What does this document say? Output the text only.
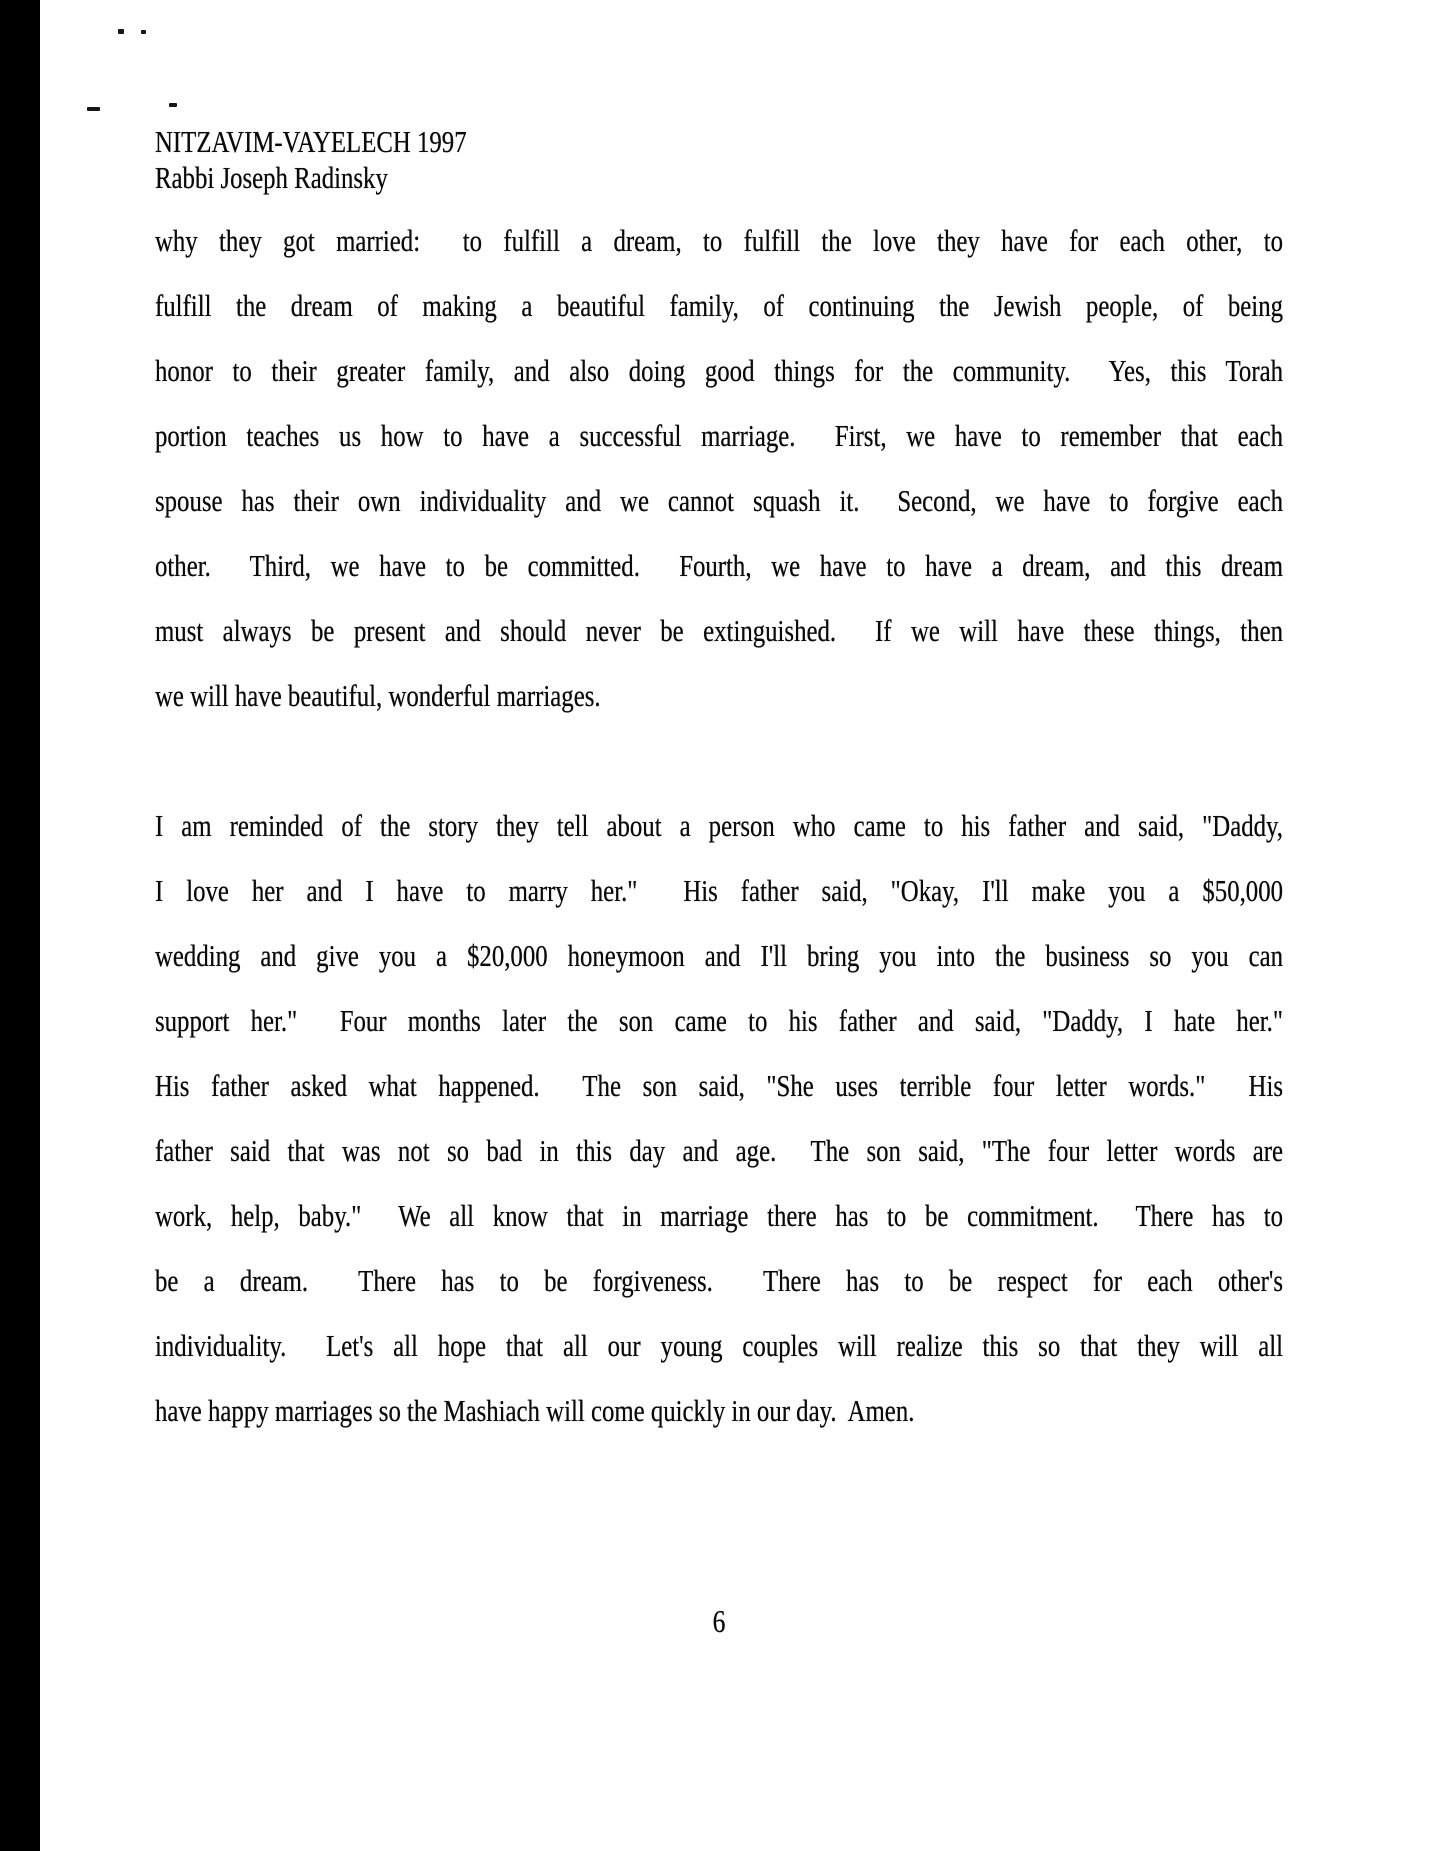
NITZAVIM-VAYELECH 1997
Rabbi Joseph Radinsky
why they got married:  to fulfill a dream, to fulfill the love they have for each other, to
fulfill the dream of making a beautiful family, of continuing the Jewish people, of being
honor to their greater family, and also doing good things for the community.  Yes, this Torah
portion teaches us how to have a successful marriage.  First, we have to remember that each
spouse has their own individuality and we cannot squash it.  Second, we have to forgive each
other.  Third, we have to be committed.  Fourth, we have to have a dream, and this dream
must always be present and should never be extinguished.  If we will have these things, then
we will have beautiful, wonderful marriages.
I am reminded of the story they tell about a person who came to his father and said, "Daddy,
I love her and I have to marry her."  His father said, "Okay, I'll make you a $50,000
wedding and give you a $20,000 honeymoon and I'll bring you into the business so you can
support her."  Four months later the son came to his father and said, "Daddy, I hate her."
His father asked what happened.  The son said, "She uses terrible four letter words."  His
father said that was not so bad in this day and age.  The son said, "The four letter words are
work, help, baby."  We all know that in marriage there has to be commitment.  There has to
be a dream.  There has to be forgiveness.  There has to be respect for each other's
individuality.  Let's all hope that all our young couples will realize this so that they will all
have happy marriages so the Mashiach will come quickly in our day.  Amen.
6
